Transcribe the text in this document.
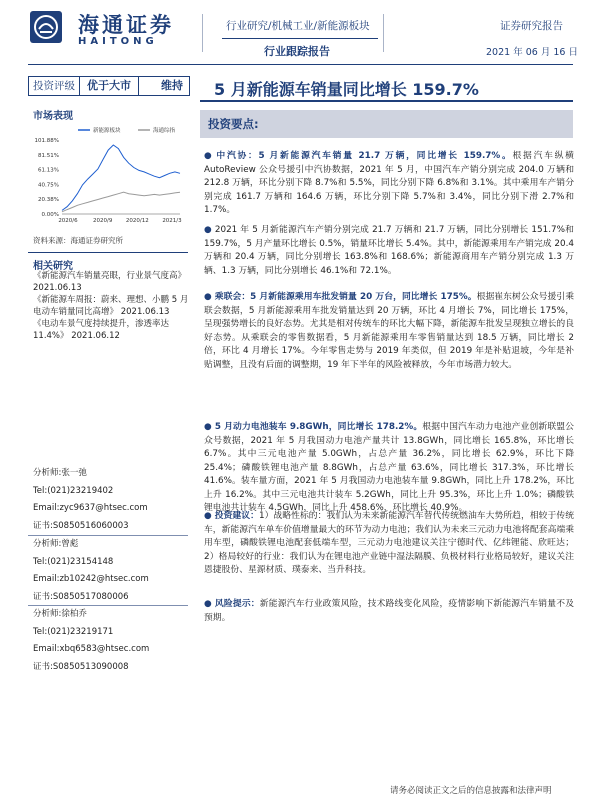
海通证券
HAITONG
行业研究/机械工业/新能源板块
行业跟踪报告
证券研究报告
2021 年 06 月 16 日
投资评级	优于大市	维持	5 月新能源车销量同比增长 159.7%
市场表现
101.88%
81.51%
61.13%
40.75%
20.38%
0.00%
2020/6	2020/9 2020/12 2021/3
新能源板块	海通综指
资料来源：海通证券研究所
相关研究
《新能源汽车销量亮眼，行业景气度高》
2021.06.13
《新能源车周报：蔚来、理想、小鹏 5 月电动车销量同比高增》 2021.06.13
《电动车景气度持续提升，渗透率达 11.4%》 2021.06.12
分析师:张一弛
Tel:(021)23219402
Email:zyc9637@htsec.com
证书:S0850516060003
分析师:曾彪
Tel:(021)23154148
Email:zb10242@htsec.com
证书:S0850517080006
分析师:徐柏乔
Tel:(021)23219171
Email:xbq6583@htsec.com
证书:S0850513090008
投资要点:
● 中汽协：5 月新能源汽车销量 21.7 万辆，同比增长 159.7%。根据汽车纵横 AutoReview 公众号援引中汽协数据，2021 年 5 月，中国汽车产销分别完成 204.0 万辆和 212.8 万辆，环比分别下降 8.7%和 5.5%，同比分别下降 6.8%和 3.1%。其中乘用车产销分别完成 161.7 万辆和 164.6 万辆，环比分别下降 5.7%和 3.4%，同比分别下滑 2.7%和 1.7%。
● 2021 年 5 月新能源汽车产销分别完成 21.7 万辆和 21.7 万辆，同比分别增长 151.7%和 159.7%，5 月产量环比增长 0.5%，销量环比增长 5.4%。其中，新能源乘用车产销完成 20.4 万辆和 20.4 万辆，同比分别增长 163.8%和 168.6%；新能源商用车产销分别完成 1.3 万辆、1.3 万辆，同比分别增长 46.1%和 72.1%。
● 乘联会：5 月新能源乘用车批发销量 20 万台，同比增长 175%。根据崔东树公众号援引乘联会数据，5 月新能源乘用车批发销量达到 20 万辆，环比 4 月增长 7%，同比增长 175%，呈现强势增长的良好态势。尤其是相对传统车的环比大幅下降，新能源车批发呈现独立增长的良好态势。从乘联会的零售数据看，5 月新能源乘用车零售销量达到 18.5 万辆，同比增长 2 倍，环比 4 月增长 17%。今年零售走势与 2019 年类似，但 2019 年是补贴退坡，今年是补贴调整，且没有后面的调整期，19 年下半年的风险被释放，今年市场潜力较大。
● 5 月动力电池装车 9.8GWh，同比增长 178.2%。根据中国汽车动力电池产业创新联盟公众号数据，2021 年 5 月我国动力电池产量共计 13.8GWh，同比增长 165.8%，环比增长 6.7%。其中三元电池产量 5.0GWh，占总产量 36.2%，同比增长 62.9%，环比下降 25.4%；磷酸铁锂电池产量 8.8GWh，占总产量 63.6%，同比增长 317.3%，环比增长 41.6%。装车量方面，2021 年 5 月我国动力电池装车量 9.8GWh，同比上升 178.2%，环比上升 16.2%。其中三元电池共计装车 5.2GWh，同比上升 95.3%，环比上升 1.0%；磷酸铁锂电池共计装车 4.5GWh，同比上升 458.6%，环比增长 40.9%。
● 投资建议：1）战略性标的：我们认为未来新能源汽车替代传统燃油车大势所趋，相较于传统车，新能源汽车单车价值增量最大的环节为动力电池；我们认为未来三元动力电池将配套高端乘用车型，磷酸铁锂电池配套低端车型，三元动力电池建议关注宁德时代、亿纬锂能、欣旺达；2）格局较好的行业：我们认为在锂电池产业链中湿法隔膜、负极材料行业格局较好，建议关注恩捷股份、星源材质、璞泰来、当升科技。
● 风险提示：新能源汽车行业政策风险，技术路线变化风险，疫情影响下新能源汽车销量不及预期。
请务必阅读正文之后的信息披露和法律声明
